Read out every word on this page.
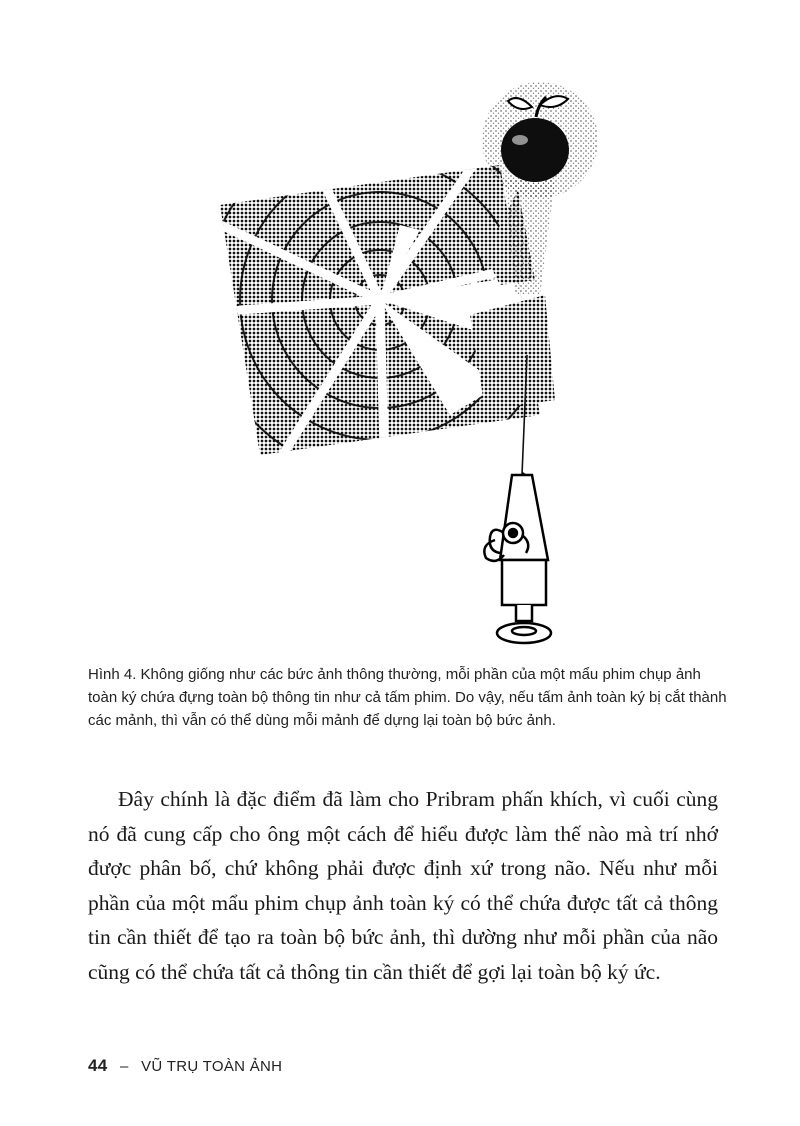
Hình 4. Không giống như các bức ảnh thông thường, mỗi phần của một mẩu phim chụp ảnh toàn ký chứa đựng toàn bộ thông tin như cả tấm phim. Do vậy, nếu tấm ảnh toàn ký bị cắt thành các mảnh, thì vẫn có thể dùng mỗi mảnh để dựng lại toàn bộ bức ảnh.

Đây chính là đặc điểm đã làm cho Pribram phấn khích, vì cuối cùng nó đã cung cấp cho ông một cách để hiểu được làm thế nào mà trí nhớ được phân bố, chứ không phải được định xứ trong não. Nếu như mỗi phần của một mẩu phim chụp ảnh toàn ký có thể chứa được tất cả thông tin cần thiết để tạo ra toàn bộ bức ảnh, thì dường như mỗi phần của não cũng có thể chứa tất cả thông tin cần thiết để gợi lại toàn bộ ký ức.

44 – VŨ TRỤ TOÀN ẢNH
